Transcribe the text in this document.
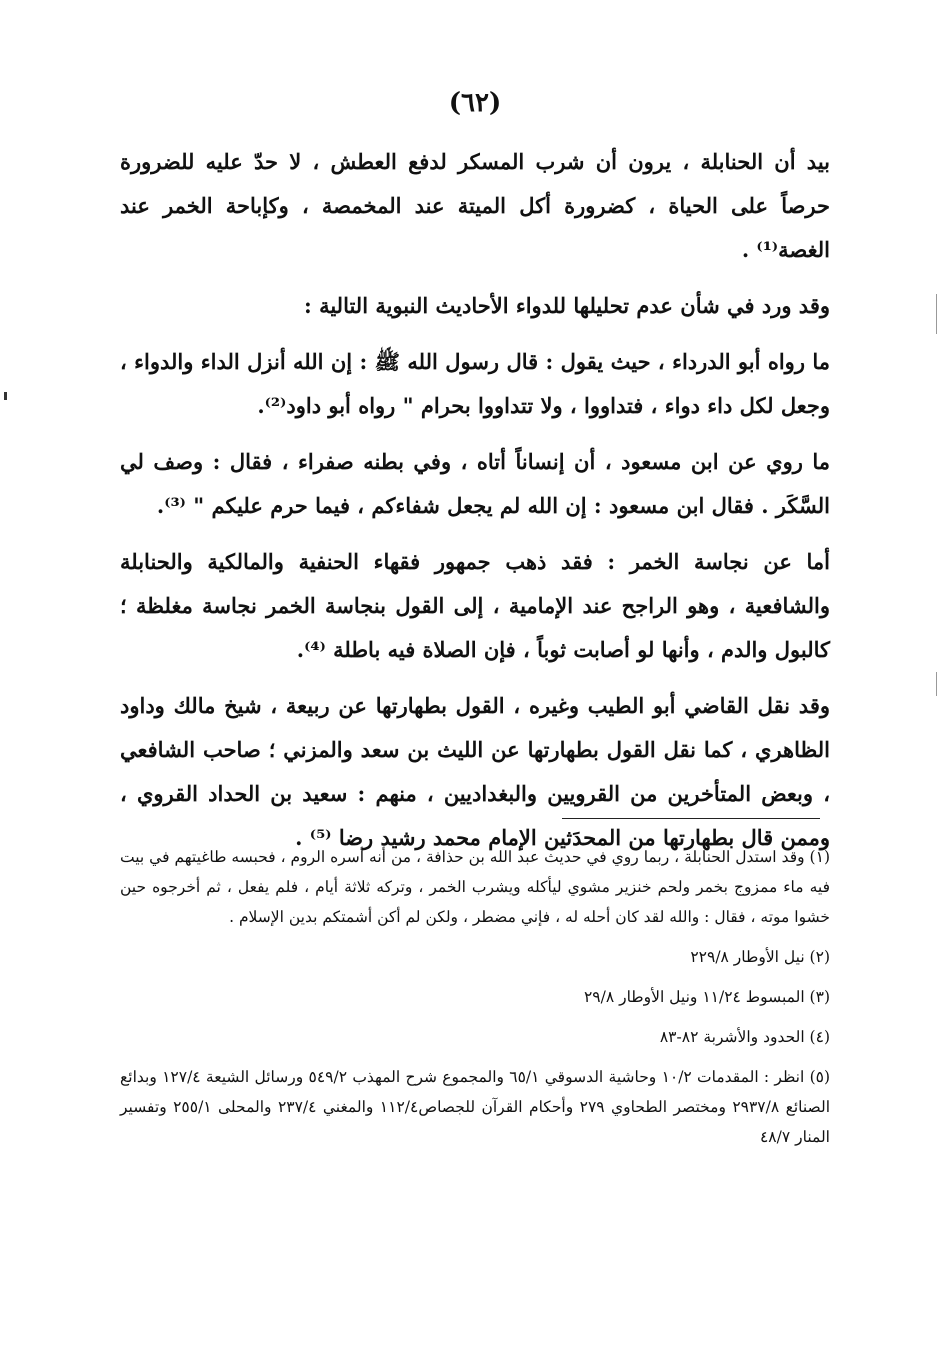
(٦٢)

بيد أن الحنابلة ، يرون أن شرب المسكر لدفع العطش ، لا حدّ عليه للضرورة حرصاً على الحياة ، كضرورة أكل الميتة عند المخمصة ، وكإباحة الخمر عند الغصة⁽¹⁾ .

وقد ورد في شأن عدم تحليلها للدواء الأحاديث النبوية التالية :

ما رواه أبو الدرداء ، حيث يقول : قال رسول الله ﷺ : إن الله أنزل الداء والدواء ، وجعل لكل داء دواء ، فتداووا ، ولا تتداووا بحرام " رواه أبو داود⁽²⁾.

ما روي عن ابن مسعود ، أن إنساناً أتاه ، وفي بطنه صفراء ، فقال : وصف لي السَّكَر . فقال ابن مسعود : إن الله لم يجعل شفاءكم ، فيما حرم عليكم " ⁽³⁾.

أما عن نجاسة الخمر : فقد ذهب جمهور فقهاء الحنفية والمالكية والحنابلة والشافعية ، وهو الراجح عند الإمامية ، إلى القول بنجاسة الخمر نجاسة مغلظة ؛ كالبول والدم ، وأنها لو أصابت ثوباً ، فإن الصلاة فيه باطلة ⁽⁴⁾.

وقد نقل القاضي أبو الطيب وغيره ، القول بطهارتها عن ربيعة ، شيخ مالك وداود الظاهري ، كما نقل القول بطهارتها عن الليث بن سعد والمزني ؛ صاحب الشافعي ، وبعض المتأخرين من القرويين والبغداديين ، منهم : سعيد بن الحداد القروي ، وممن قال بطهارتها من المحدَثين الإمام محمد رشيد رضا ⁽⁵⁾ .

(١) وقد استدل الحنابلة ، ربما روي في حديث عبد الله بن حذافة ، من أنه أسره الروم ، فحبسه طاغيتهم في بيت فيه ماء ممزوج بخمر ولحم خنزير مشوي ليأكله ويشرب الخمر ، وتركه ثلاثة أيام ، فلم يفعل ، ثم أخرجوه حين خشوا موته ، فقال : والله لقد كان أحله له ، فإني مضطر ، ولكن لم أكن أشمتكم بدين الإسلام .

(٢) نيل الأوطار ٢٢٩/٨

(٣) المبسوط ١١/٢٤ ونيل الأوطار ٢٩/٨

(٤) الحدود والأشربة ٨٢-٨٣

(٥) انظر : المقدمات ١٠/٢ وحاشية الدسوقي ٦٥/١ والمجموع شرح المهذب ٥٤٩/٢ ورسائل الشيعة ١٢٧/٤ وبدائع الصنائع ٢٩٣٧/٨ ومختصر الطحاوي ٢٧٩ وأحكام القرآن للجصاص١١٢/٤ والمغني ٢٣٧/٤ والمحلى ٢٥٥/١ وتفسير المنار ٤٨/٧
